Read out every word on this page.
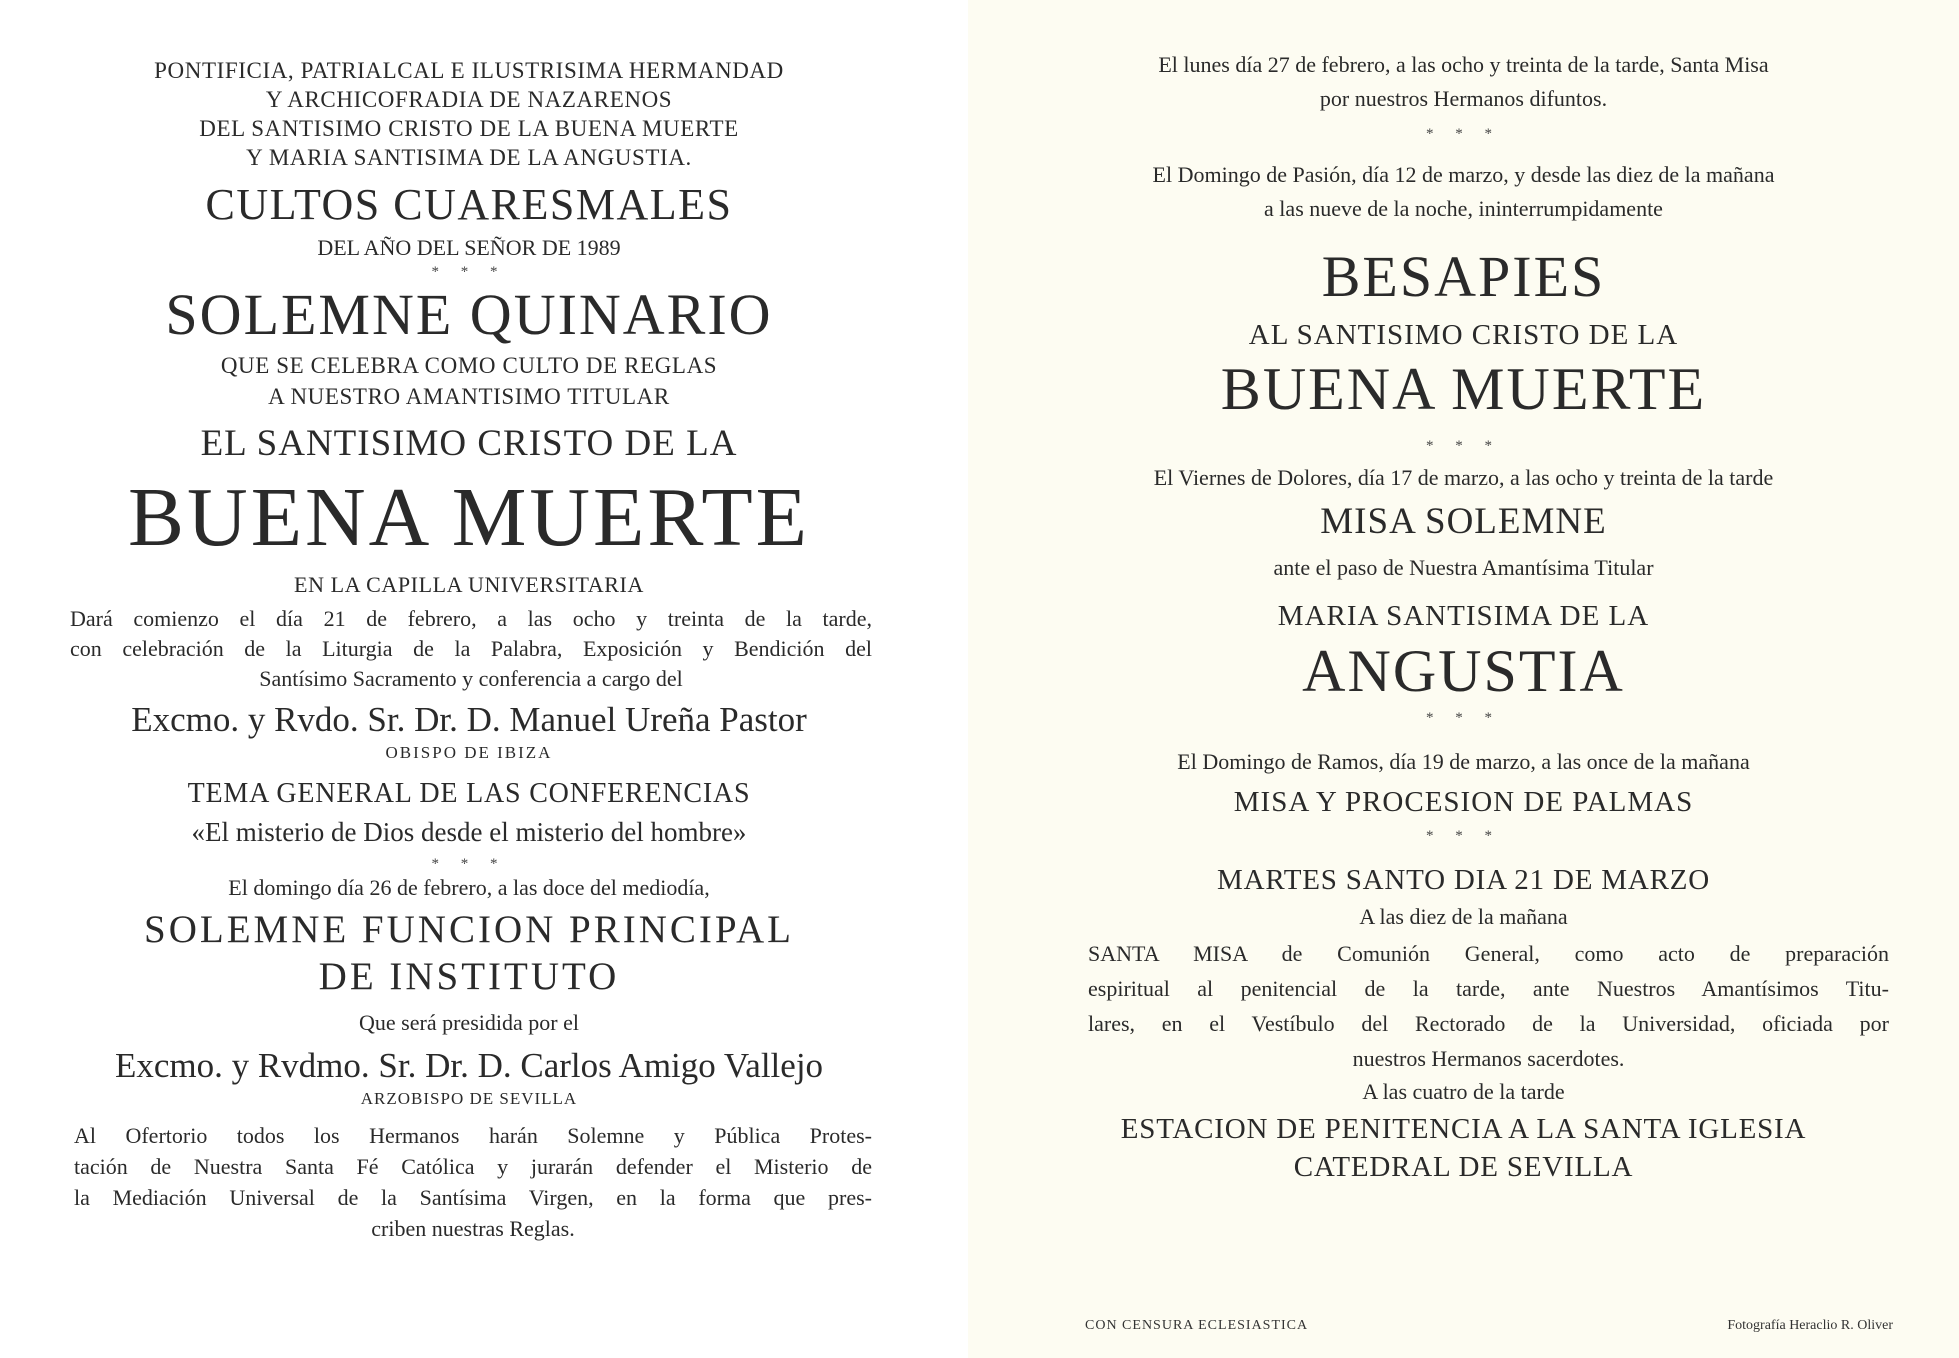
PONTIFICIA, PATRIALCAL E ILUSTRISIMA HERMANDAD
Y ARCHICOFRADIA DE NAZARENOS
DEL SANTISIMO CRISTO DE LA BUENA MUERTE
Y MARIA SANTISIMA DE LA ANGUSTIA.
CULTOS CUARESMALES
DEL AÑO DEL SEÑOR DE 1989
* * *
SOLEMNE QUINARIO
QUE SE CELEBRA COMO CULTO DE REGLAS
A NUESTRO AMANTISIMO TITULAR
EL SANTISIMO CRISTO DE LA
BUENA MUERTE
EN LA CAPILLA UNIVERSITARIA
Dará comienzo el día 21 de febrero, a las ocho y treinta de la tarde,
con celebración de la Liturgia de la Palabra, Exposición y Bendición del
Santísimo Sacramento y conferencia a cargo del
Excmo. y Rvdo. Sr. Dr. D. Manuel Ureña Pastor
OBISPO DE IBIZA
TEMA GENERAL DE LAS CONFERENCIAS
«El misterio de Dios desde el misterio del hombre»
* * *
El domingo día 26 de febrero, a las doce del mediodía,
SOLEMNE FUNCION PRINCIPAL
DE INSTITUTO
Que será presidida por el
Excmo. y Rvdmo. Sr. Dr. D. Carlos Amigo Vallejo
ARZOBISPO DE SEVILLA
Al Ofertorio todos los Hermanos harán Solemne y Pública Protes-
tación de Nuestra Santa Fé Católica y jurarán defender el Misterio de
la Mediación Universal de la Santísima Virgen, en la forma que pres-
criben nuestras Reglas.
El lunes día 27 de febrero, a las ocho y treinta de la tarde, Santa Misa
por nuestros Hermanos difuntos.
* * *
El Domingo de Pasión, día 12 de marzo, y desde las diez de la mañana
a las nueve de la noche, ininterrumpidamente
BESAPIES
AL SANTISIMO CRISTO DE LA
BUENA MUERTE
* * *
El Viernes de Dolores, día 17 de marzo, a las ocho y treinta de la tarde
MISA SOLEMNE
ante el paso de Nuestra Amantísima Titular
MARIA SANTISIMA DE LA
ANGUSTIA
* * *
El Domingo de Ramos, día 19 de marzo, a las once de la mañana
MISA Y PROCESION DE PALMAS
* * *
MARTES SANTO DIA 21 DE MARZO
A las diez de la mañana
SANTA MISA de Comunión General, como acto de preparación
espiritual al penitencial de la tarde, ante Nuestros Amantísimos Titu-
lares, en el Vestíbulo del Rectorado de la Universidad, oficiada por
nuestros Hermanos sacerdotes.
A las cuatro de la tarde
ESTACION DE PENITENCIA A LA SANTA IGLESIA
CATEDRAL DE SEVILLA
CON CENSURA ECLESIASTICA	Fotografía Heraclio R. Oliver
